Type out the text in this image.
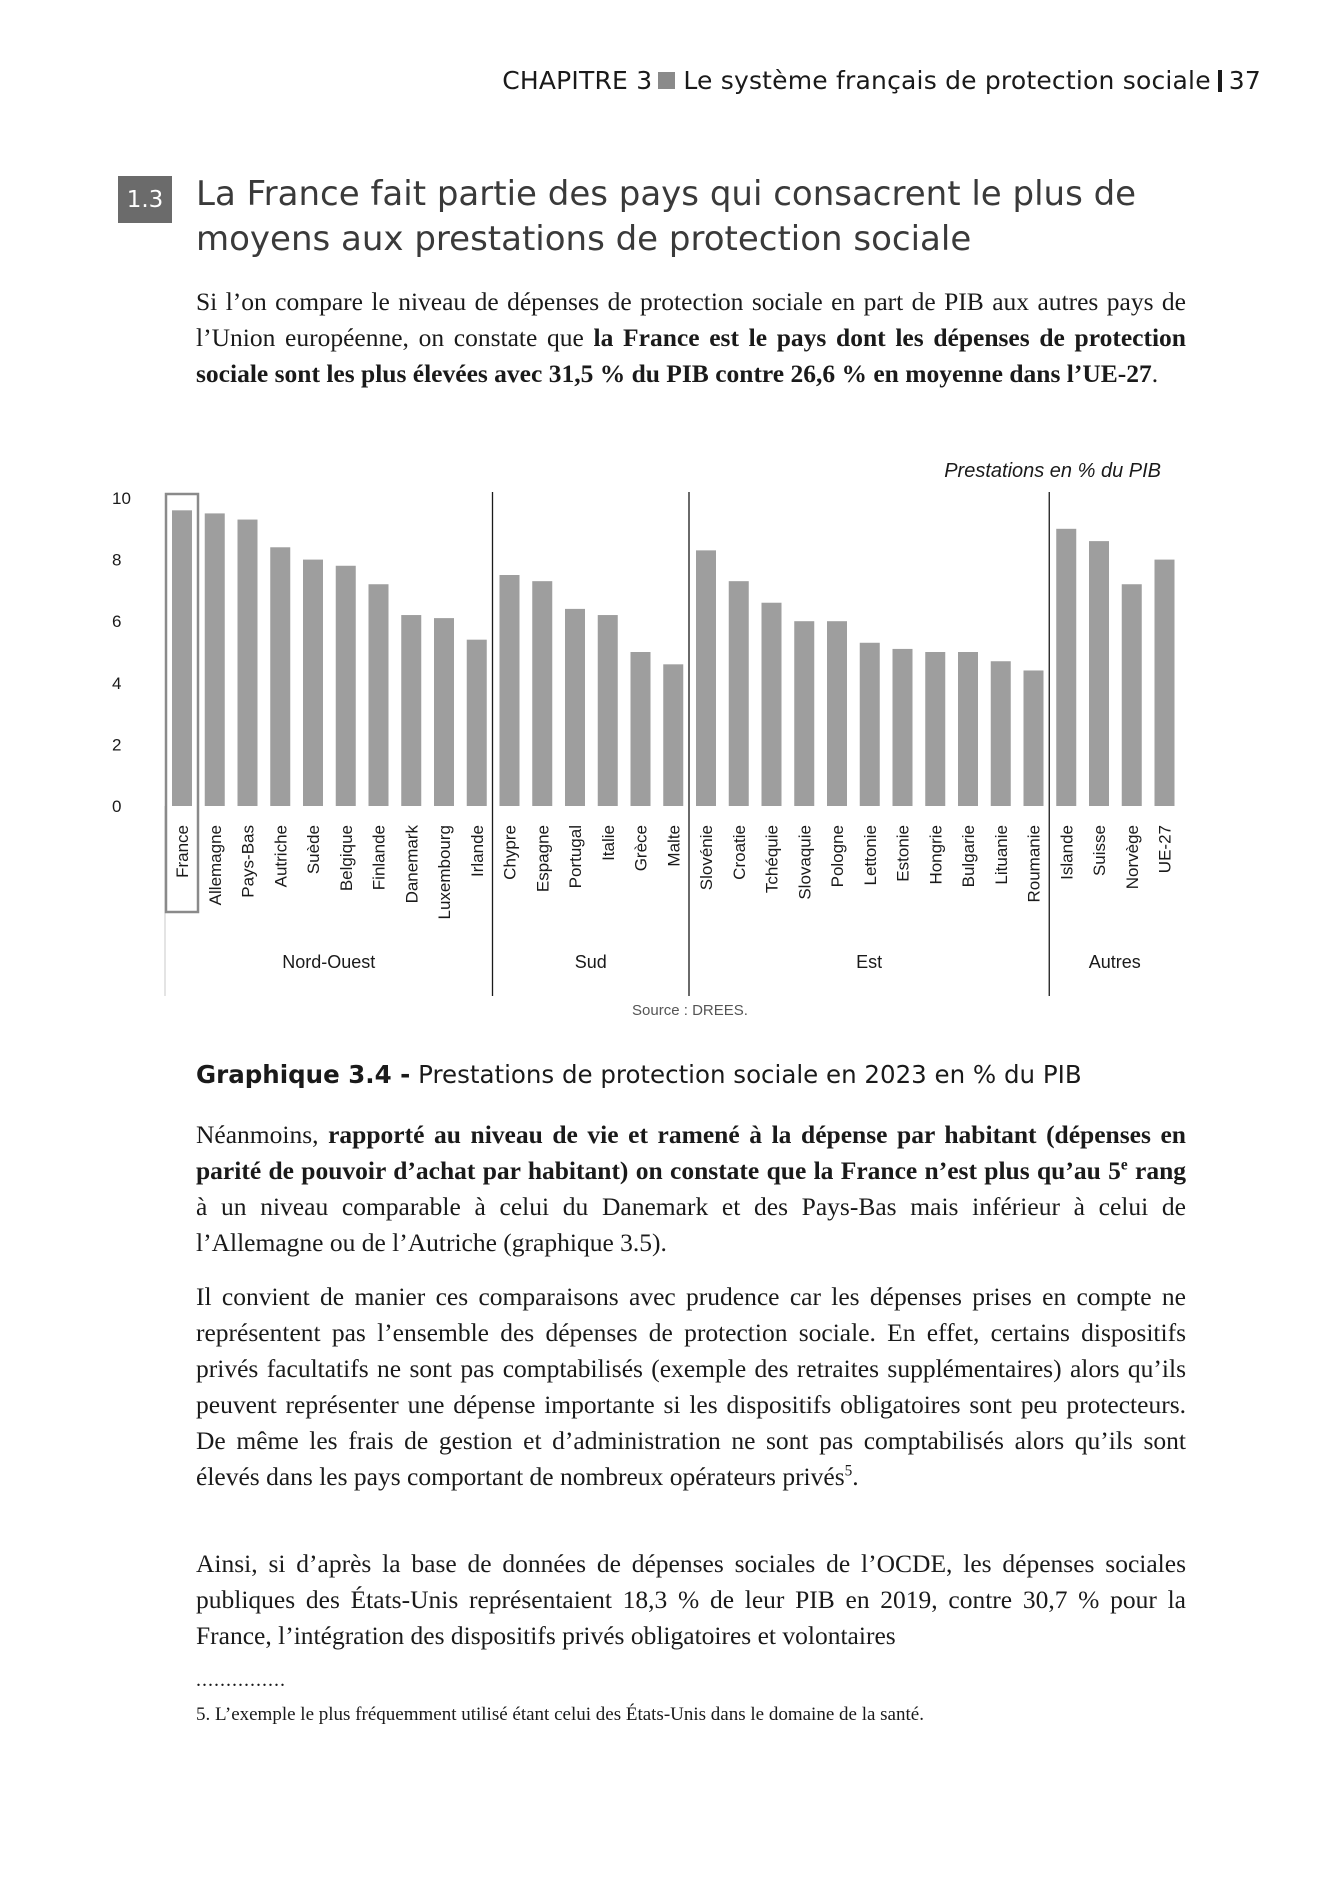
CHAPITRE 3 Le système français de protection sociale 37
1.3 La France fait partie des pays qui consacrent le plus de moyens aux prestations de protection sociale

Si l’on compare le niveau de dépenses de protection sociale en part de PIB aux autres pays de l’Union européenne, on constate que la France est le pays dont les dépenses de protection sociale sont les plus élevées avec 31,5 % du PIB contre 26,6 % en moyenne dans l’UE-27.

Prestations en % du PIB
0
2
4
6
8
10
France Allemagne Pays-Bas Autriche Suède Belgique Finlande Danemark Luxembourg Irlande Chypre Espagne Portugal Italie Grèce Malte Slovénie Croatie Tchéquie Slovaquie Pologne Lettonie Estonie Hongrie Bulgarie Lituanie Roumanie Islande Suisse Norvège UE-27
Nord-Ouest	Sud	Est	Autres
Source : DREES.
Graphique 3.4 - Prestations de protection sociale en 2023 en % du PIB

Néanmoins, rapporté au niveau de vie et ramené à la dépense par habitant (dépenses en parité de pouvoir d’achat par habitant) on constate que la France n’est plus qu’au 5e rang à un niveau comparable à celui du Danemark et des Pays-Bas mais inférieur à celui de l’Allemagne ou de l’Autriche (graphique 3.5).

Il convient de manier ces comparaisons avec prudence car les dépenses prises en compte ne représentent pas l’ensemble des dépenses de protection sociale. En effet, certains dispositifs privés facultatifs ne sont pas comptabilisés (exemple des retraites supplémentaires) alors qu’ils peuvent représenter une dépense importante si les dispositifs obligatoires sont peu protecteurs. De même les frais de gestion et d’administration ne sont pas comptabilisés alors qu’ils sont élevés dans les pays comportant de nombreux opérateurs privés$^5$.

Ainsi, si d’après la base de données de dépenses sociales de l’OCDE, les dépenses sociales publiques des États-Unis représentaient 18,3 % de leur PIB en 2019, contre 30,7 % pour la France, l’intégration des dispositifs privés obligatoires et volontaires

...............
5. L’exemple le plus fréquemment utilisé étant celui des États-Unis dans le domaine de la santé.
